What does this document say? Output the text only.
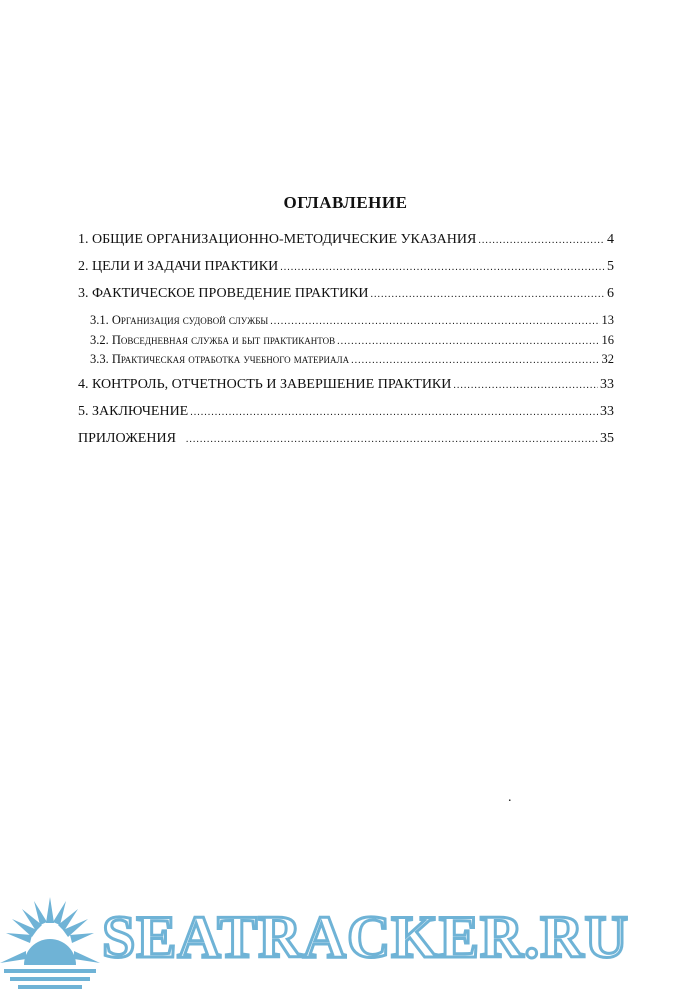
ОГЛАВЛЕНИЕ
1. ОБЩИЕ ОРГАНИЗАЦИОННО-МЕТОДИЧЕСКИЕ УКАЗАНИЯ .....	4
2. ЦЕЛИ И ЗАДАЧИ ПРАКТИКИ .....	5
3. ФАКТИЧЕСКОЕ ПРОВЕДЕНИЕ ПРАКТИКИ .....	6
3.1. Организация судовой службы .....	13
3.2. Повседневная служба и быт практикантов .....	16
3.3. Практическая отработка учебного материала .....	32
4. КОНТРОЛЬ, ОТЧЕТНОСТЬ И ЗАВЕРШЕНИЕ ПРАКТИКИ .....	33
5. ЗАКЛЮЧЕНИЕ .....	33
ПРИЛОЖЕНИЯ .....	35
.
SEATRACKER.RU
